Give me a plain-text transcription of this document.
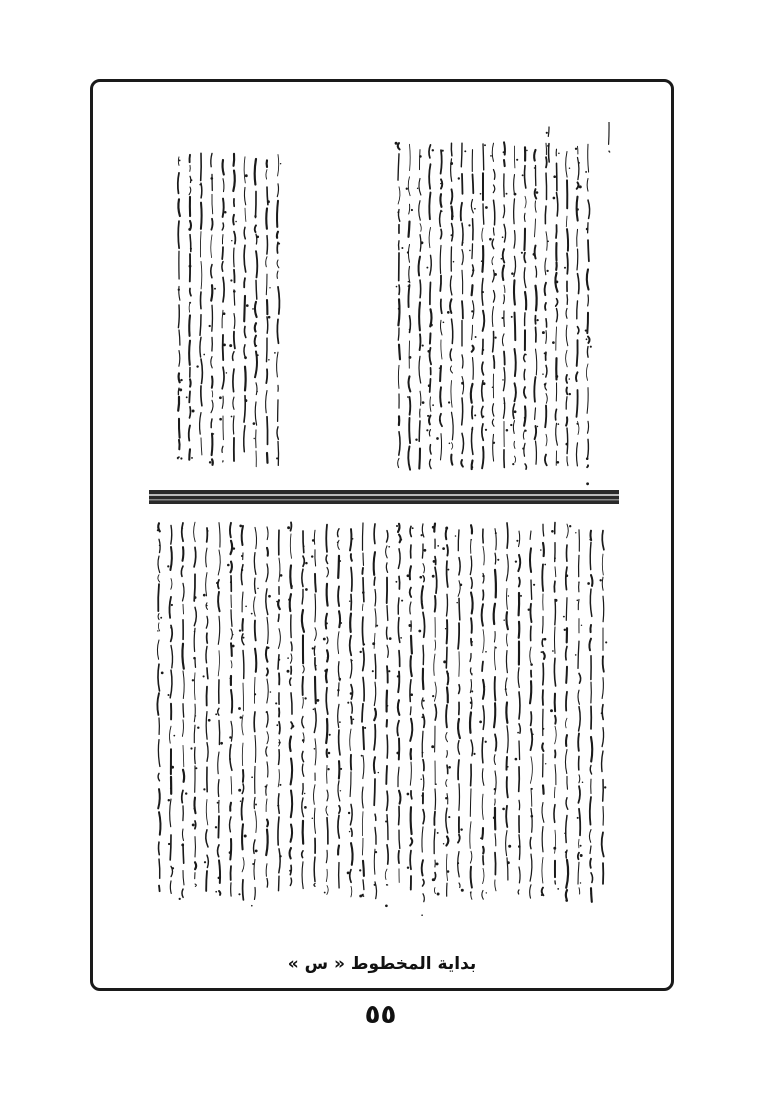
بداية المخطوط « س »
٥٥
